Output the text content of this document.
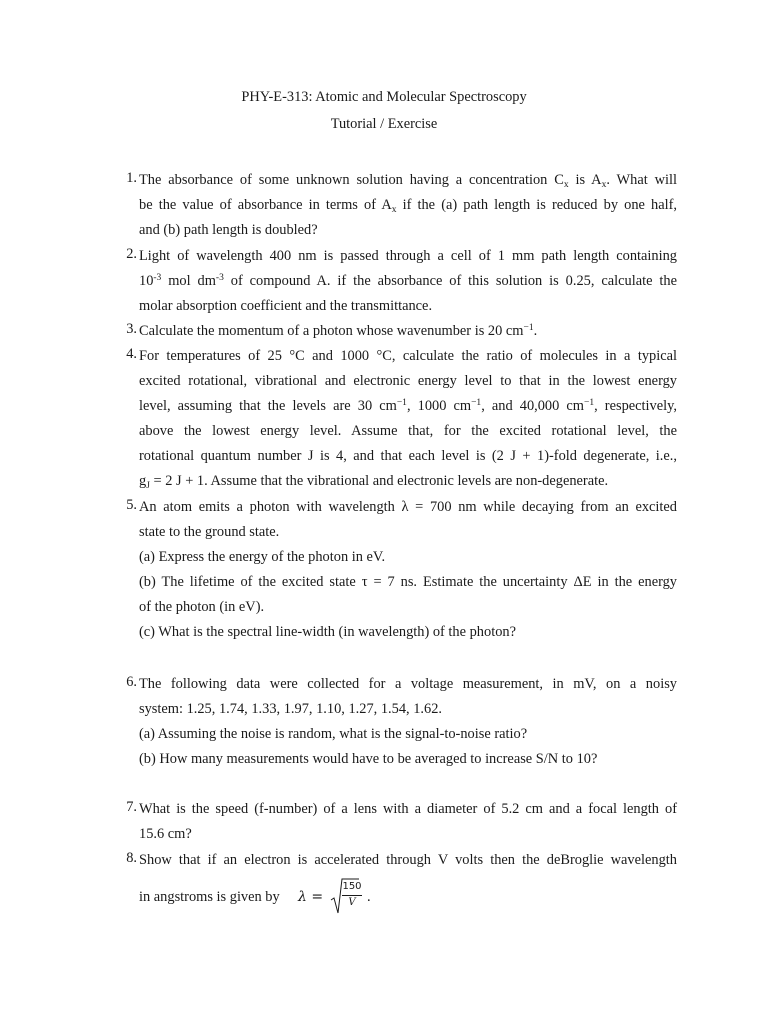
PHY-E-313: Atomic and Molecular Spectroscopy
Tutorial / Exercise
1. The absorbance of some unknown solution having a concentration $C_x$ is $A_x$. What will
be the value of absorbance in terms of $A_x$ if the (a) path length is reduced by one half,
and (b) path length is doubled?
2. Light of wavelength 400 nm is passed through a cell of 1 mm path length containing
$10^{-3}$ mol $dm^{-3}$ of compound A. if the absorbance of this solution is 0.25, calculate the
molar absorption coefficient and the transmittance.
3. Calculate the momentum of a photon whose wavenumber is 20 $cm^{-1}$.
4. For temperatures of 25 °C and 1000 °C, calculate the ratio of molecules in a typical
excited rotational, vibrational and electronic energy level to that in the lowest energy
level, assuming that the levels are 30 $cm^{-1}$, 1000 $cm^{-1}$, and 40,000 $cm^{-1}$, respectively,
above the lowest energy level. Assume that, for the excited rotational level, the
rotational quantum number J is 4, and that each level is (2 J + 1)-fold degenerate, i.e.,
$g_J = 2$ J + 1. Assume that the vibrational and electronic levels are non-degenerate.
5. An atom emits a photon with wavelength λ = 700 nm while decaying from an excited
state to the ground state.
(a) Express the energy of the photon in eV.
(b) The lifetime of the excited state τ = 7 ns. Estimate the uncertainty ΔE in the energy
of the photon (in eV).
(c) What is the spectral line-width (in wavelength) of the photon?
6. The following data were collected for a voltage measurement, in mV, on a noisy
system: 1.25, 1.74, 1.33, 1.97, 1.10, 1.27, 1.54, 1.62.
(a) Assuming the noise is random, what is the signal-to-noise ratio?
(b) How many measurements would have to be averaged to increase S/N to 10?
7. What is the speed (f-number) of a lens with a diameter of 5.2 cm and a focal length of
15.6 cm?
8. Show that if an electron is accelerated through V volts then the deBroglie wavelength
in angstroms is given by λ =
150
V .
